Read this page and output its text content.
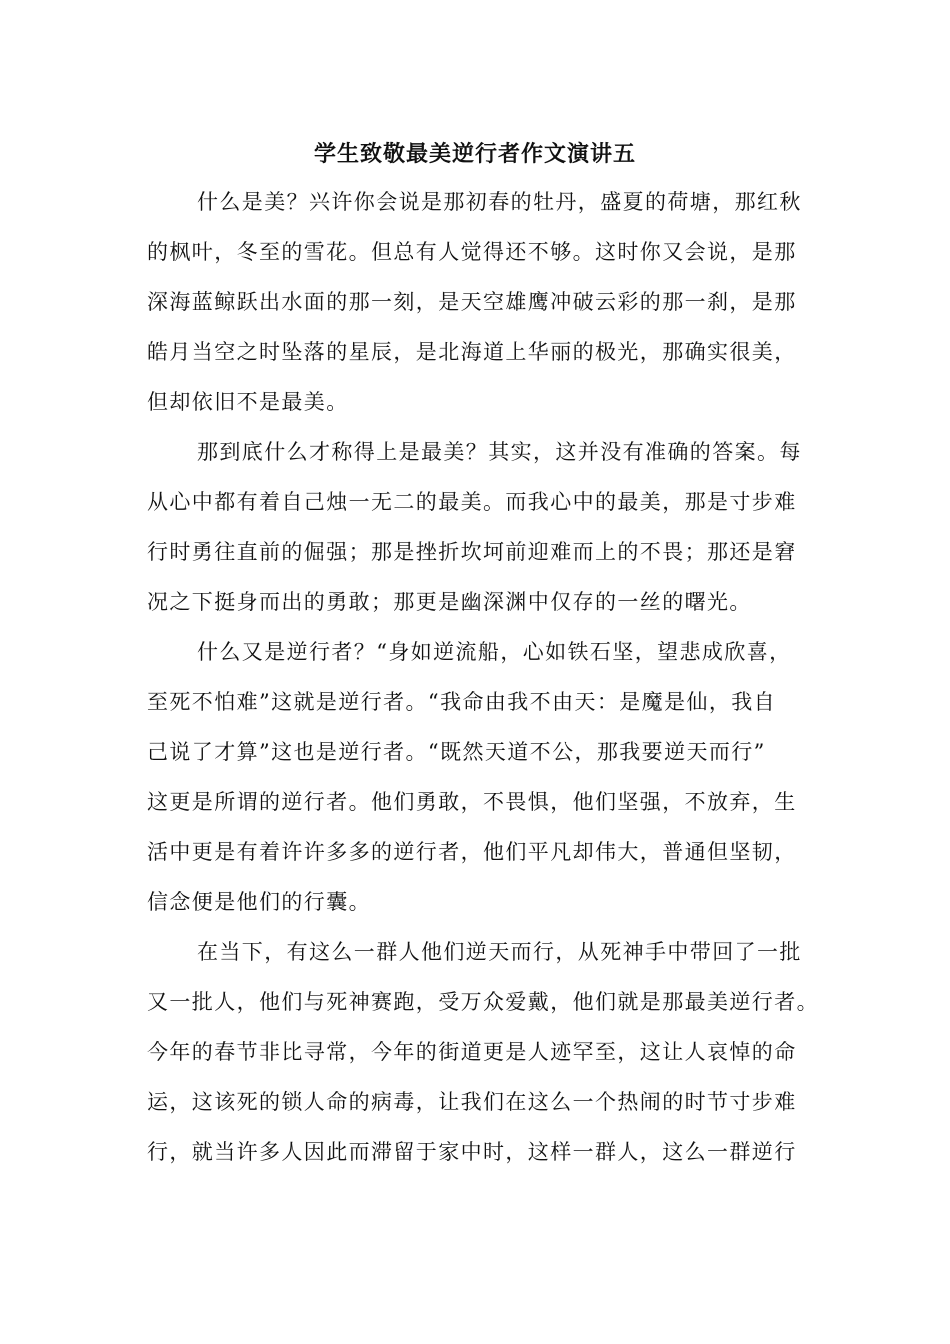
学生致敬最美逆行者作文演讲五
什么是美？兴许你会说是那初春的牡丹，盛夏的荷塘，那红秋
的枫叶，冬至的雪花。但总有人觉得还不够。这时你又会说，是那
深海蓝鲸跃出水面的那一刻，是天空雄鹰冲破云彩的那一刹，是那
皓月当空之时坠落的星辰，是北海道上华丽的极光，那确实很美，
但却依旧不是最美。
那到底什么才称得上是最美？其实，这并没有准确的答案。每
从心中都有着自己烛一无二的最美。而我心中的最美，那是寸步难
行时勇往直前的倔强；那是挫折坎坷前迎难而上的不畏；那还是窘
况之下挺身而出的勇敢；那更是幽深渊中仅存的一丝的曙光。
什么又是逆行者？“身如逆流船，心如铁石坚，望悲成欣喜，
至死不怕难”这就是逆行者。“我命由我不由天：是魔是仙，我自
己说了才算”这也是逆行者。“既然天道不公，那我要逆天而行”
这更是所谓的逆行者。他们勇敢，不畏惧，他们坚强，不放弃，生
活中更是有着许许多多的逆行者，他们平凡却伟大，普通但坚韧，
信念便是他们的行囊。
在当下，有这么一群人他们逆天而行，从死神手中带回了一批
又一批人，他们与死神赛跑，受万众爱戴，他们就是那最美逆行者。
今年的春节非比寻常，今年的街道更是人迹罕至，这让人哀悼的命
运，这该死的锁人命的病毒，让我们在这么一个热闹的时节寸步难
行，就当许多人因此而滞留于家中时，这样一群人，这么一群逆行
